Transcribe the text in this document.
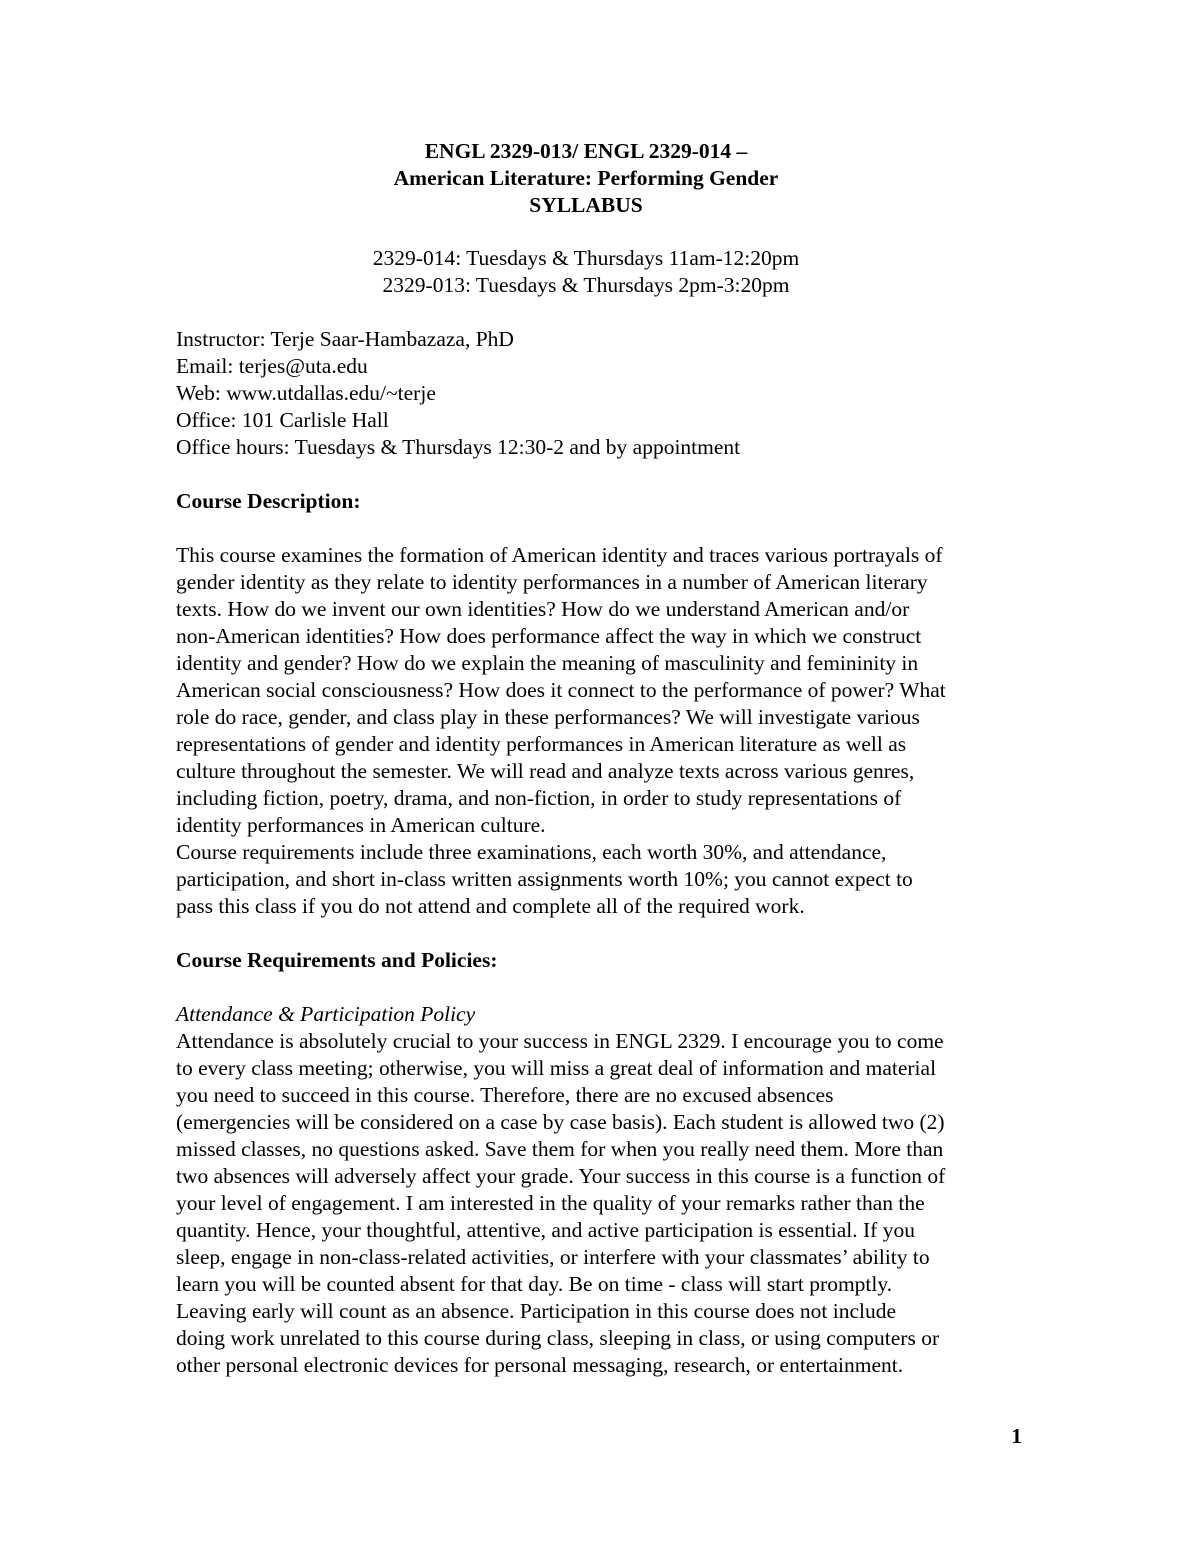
ENGL 2329-013/ ENGL 2329-014 –
American Literature: Performing Gender
SYLLABUS
2329-014: Tuesdays & Thursdays 11am-12:20pm
2329-013: Tuesdays & Thursdays 2pm-3:20pm
Instructor: Terje Saar-Hambazaza, PhD
Email: terjes@uta.edu
Web: www.utdallas.edu/~terje
Office: 101 Carlisle Hall
Office hours: Tuesdays & Thursdays 12:30-2 and by appointment
Course Description:
This course examines the formation of American identity and traces various portrayals of
gender identity as they relate to identity performances in a number of American literary
texts. How do we invent our own identities? How do we understand American and/or
non-American identities? How does performance affect the way in which we construct
identity and gender? How do we explain the meaning of masculinity and femininity in
American social consciousness? How does it connect to the performance of power? What
role do race, gender, and class play in these performances? We will investigate various
representations of gender and identity performances in American literature as well as
culture throughout the semester. We will read and analyze texts across various genres,
including fiction, poetry, drama, and non-fiction, in order to study representations of
identity performances in American culture.
Course requirements include three examinations, each worth 30%, and attendance,
participation, and short in-class written assignments worth 10%; you cannot expect to
pass this class if you do not attend and complete all of the required work.
Course Requirements and Policies:
Attendance & Participation Policy
Attendance is absolutely crucial to your success in ENGL 2329. I encourage you to come
to every class meeting; otherwise, you will miss a great deal of information and material
you need to succeed in this course. Therefore, there are no excused absences
(emergencies will be considered on a case by case basis). Each student is allowed two (2)
missed classes, no questions asked. Save them for when you really need them. More than
two absences will adversely affect your grade. Your success in this course is a function of
your level of engagement. I am interested in the quality of your remarks rather than the
quantity. Hence, your thoughtful, attentive, and active participation is essential. If you
sleep, engage in non-class-related activities, or interfere with your classmates’ ability to
learn you will be counted absent for that day. Be on time - class will start promptly.
Leaving early will count as an absence. Participation in this course does not include
doing work unrelated to this course during class, sleeping in class, or using computers or
other personal electronic devices for personal messaging, research, or entertainment.
1
